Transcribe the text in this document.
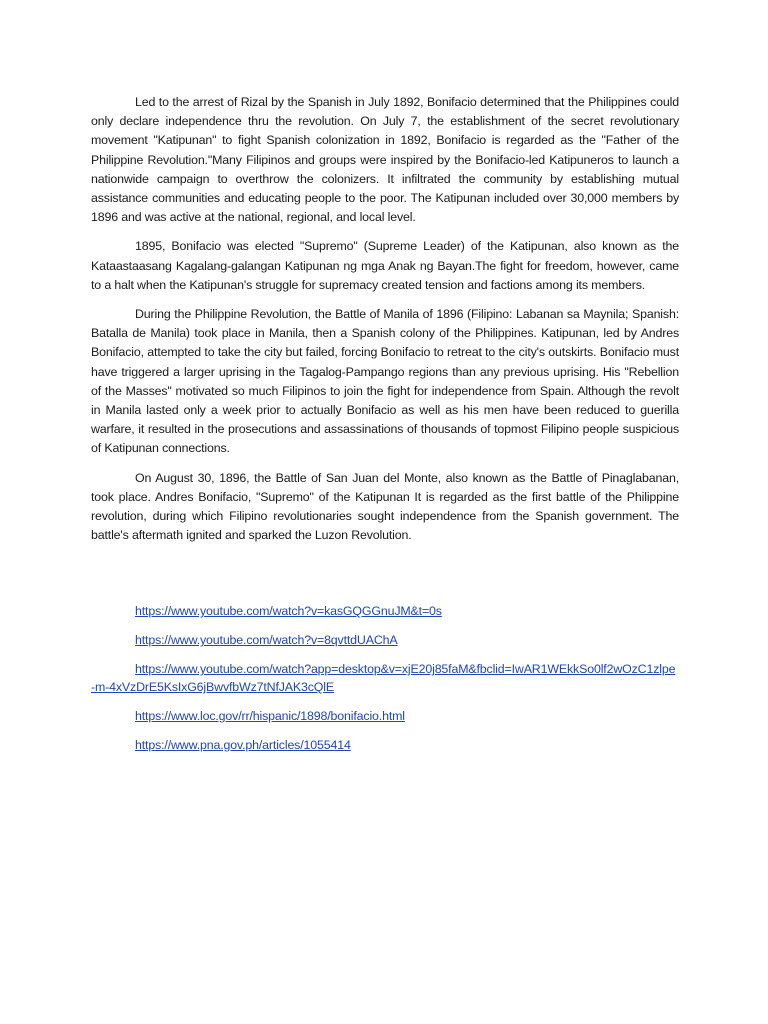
Led to the arrest of Rizal by the Spanish in July 1892, Bonifacio determined that the Philippines could only declare independence thru the revolution. On July 7, the establishment of the secret revolutionary movement "Katipunan" to fight Spanish colonization in 1892, Bonifacio is regarded as the "Father of the Philippine Revolution."Many Filipinos and groups were inspired by the Bonifacio-led Katipuneros to launch a nationwide campaign to overthrow the colonizers. It infiltrated the community by establishing mutual assistance communities and educating people to the poor. The Katipunan included over 30,000 members by 1896 and was active at the national, regional, and local level.

1895, Bonifacio was elected "Supremo" (Supreme Leader) of the Katipunan, also known as the Kataastaasang Kagalang-galangan Katipunan ng mga Anak ng Bayan.The fight for freedom, however, came to a halt when the Katipunan's struggle for supremacy created tension and factions among its members.

During the Philippine Revolution, the Battle of Manila of 1896 (Filipino: Labanan sa Maynila; Spanish: Batalla de Manila) took place in Manila, then a Spanish colony of the Philippines. Katipunan, led by Andres Bonifacio, attempted to take the city but failed, forcing Bonifacio to retreat to the city's outskirts. Bonifacio must have triggered a larger uprising in the Tagalog-Pampango regions than any previous uprising. His "Rebellion of the Masses" motivated so much Filipinos to join the fight for independence from Spain. Although the revolt in Manila lasted only a week prior to actually Bonifacio as well as his men have been reduced to guerilla warfare, it resulted in the prosecutions and assassinations of thousands of topmost Filipino people suspicious of Katipunan connections.

On August 30, 1896, the Battle of San Juan del Monte, also known as the Battle of Pinaglabanan, took place. Andres Bonifacio, "Supremo" of the Katipunan It is regarded as the first battle of the Philippine revolution, during which Filipino revolutionaries sought independence from the Spanish government. The battle's aftermath ignited and sparked the Luzon Revolution.

https://www.youtube.com/watch?v=kasGQGGnuJM&t=0s
https://www.youtube.com/watch?v=8qvttdUAChA
https://www.youtube.com/watch?app=desktop&v=xjE20j85faM&fbclid=IwAR1WEkkSo0lf2wOzC1zlpe-m-4xVzDrE5KsIxG6jBwvfbWz7tNfJAK3cQlE
https://www.loc.gov/rr/hispanic/1898/bonifacio.html
https://www.pna.gov.ph/articles/1055414
